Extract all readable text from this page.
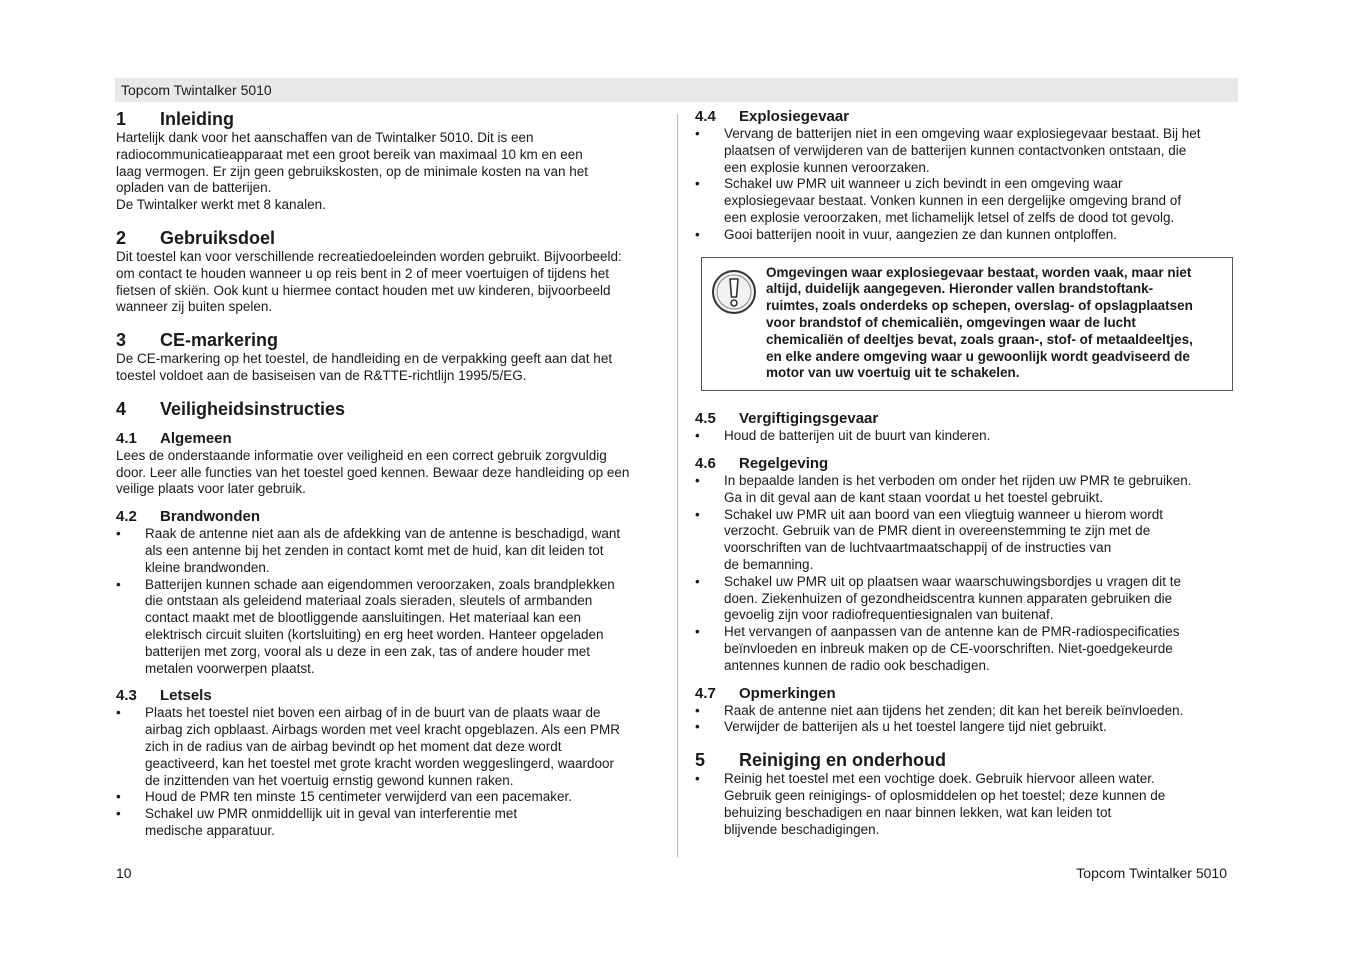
Topcom Twintalker 5010
1	Inleiding

Hartelijk dank voor het aanschaffen van de Twintalker 5010. Dit is een
radiocommunicatieapparaat met een groot bereik van maximaal 10 km en een
laag vermogen. Er zijn geen gebruikskosten, op de minimale kosten na van het
opladen van de batterijen.
De Twintalker werkt met 8 kanalen.

2	Gebruiksdoel

Dit toestel kan voor verschillende recreatiedoeleinden worden gebruikt. Bijvoorbeeld:
om contact te houden wanneer u op reis bent in 2 of meer voertuigen of tijdens het
fietsen of skiën. Ook kunt u hiermee contact houden met uw kinderen, bijvoorbeeld
wanneer zij buiten spelen.

3	CE-markering

De CE-markering op het toestel, de handleiding en de verpakking geeft aan dat het
toestel voldoet aan de basiseisen van de R&TTE-richtlijn 1995/5/EG.

4	Veiligheidsinstructies
4.1	Algemeen

Lees de onderstaande informatie over veiligheid en een correct gebruik zorgvuldig
door. Leer alle functies van het toestel goed kennen. Bewaar deze handleiding op een
veilige plaats voor later gebruik.

4.2	Brandwonden
• Raak de antenne niet aan als de afdekking van de antenne is beschadigd, want
als een antenne bij het zenden in contact komt met de huid, kan dit leiden tot
kleine brandwonden.
• Batterijen kunnen schade aan eigendommen veroorzaken, zoals brandplekken
die ontstaan als geleidend materiaal zoals sieraden, sleutels of armbanden
contact maakt met de blootliggende aansluitingen. Het materiaal kan een
elektrisch circuit sluiten (kortsluiting) en erg heet worden. Hanteer opgeladen
batterijen met zorg, vooral als u deze in een zak, tas of andere houder met
metalen voorwerpen plaatst.
4.3	Letsels
• Plaats het toestel niet boven een airbag of in de buurt van de plaats waar de
airbag zich opblaast. Airbags worden met veel kracht opgeblazen. Als een PMR
zich in de radius van de airbag bevindt op het moment dat deze wordt
geactiveerd, kan het toestel met grote kracht worden weggeslingerd, waardoor
de inzittenden van het voertuig ernstig gewond kunnen raken.
• Houd de PMR ten minste 15 centimeter verwijderd van een pacemaker.
• Schakel uw PMR onmiddellijk uit in geval van interferentie met
medische apparatuur.
4.4	Explosiegevaar
• Vervang de batterijen niet in een omgeving waar explosiegevaar bestaat. Bij het
plaatsen of verwijderen van de batterijen kunnen contactvonken ontstaan, die
een explosie kunnen veroorzaken.
• Schakel uw PMR uit wanneer u zich bevindt in een omgeving waar
explosiegevaar bestaat. Vonken kunnen in een dergelijke omgeving brand of
een explosie veroorzaken, met lichamelijk letsel of zelfs de dood tot gevolg.
• Gooi batterijen nooit in vuur, aangezien ze dan kunnen ontploffen.
Omgevingen waar explosiegevaar bestaat, worden vaak, maar niet
altijd, duidelijk aangegeven. Hieronder vallen brandstoftank-
ruimtes, zoals onderdeks op schepen, overslag- of opslagplaatsen
voor brandstof of chemicaliën, omgevingen waar de lucht
chemicaliën of deeltjes bevat, zoals graan-, stof- of metaaldeeltjes,
en elke andere omgeving waar u gewoonlijk wordt geadviseerd de
motor van uw voertuig uit te schakelen.
4.5	Vergiftigingsgevaar
• Houd de batterijen uit de buurt van kinderen.
4.6	Regelgeving
• In bepaalde landen is het verboden om onder het rijden uw PMR te gebruiken.
Ga in dit geval aan de kant staan voordat u het toestel gebruikt.
• Schakel uw PMR uit aan boord van een vliegtuig wanneer u hierom wordt
verzocht. Gebruik van de PMR dient in overeenstemming te zijn met de
voorschriften van de luchtvaartmaatschappij of de instructies van
de bemanning.
• Schakel uw PMR uit op plaatsen waar waarschuwingsbordjes u vragen dit te
doen. Ziekenhuizen of gezondheidscentra kunnen apparaten gebruiken die
gevoelig zijn voor radiofrequentiesignalen van buitenaf.
• Het vervangen of aanpassen van de antenne kan de PMR-radiospecificaties
beïnvloeden en inbreuk maken op de CE-voorschriften. Niet-goedgekeurde
antennes kunnen de radio ook beschadigen.
4.7	Opmerkingen
• Raak de antenne niet aan tijdens het zenden; dit kan het bereik beïnvloeden.
• Verwijder de batterijen als u het toestel langere tijd niet gebruikt.
5	Reiniging en onderhoud
• Reinig het toestel met een vochtige doek. Gebruik hiervoor alleen water.
Gebruik geen reinigings- of oplosmiddelen op het toestel; deze kunnen de
behuizing beschadigen en naar binnen lekken, wat kan leiden tot
blijvende beschadigingen.
10	Topcom Twintalker 5010
